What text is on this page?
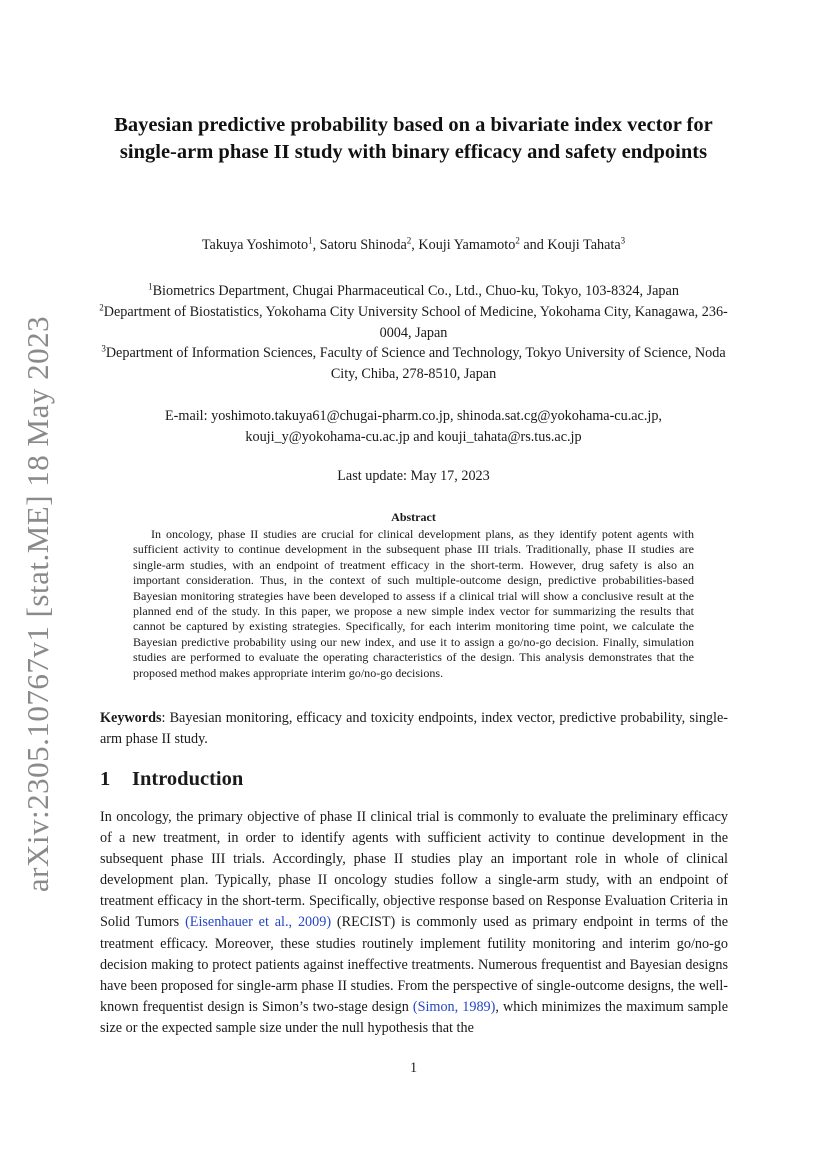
arXiv:2305.10767v1 [stat.ME] 18 May 2023
Bayesian predictive probability based on a bivariate index vector for single-arm phase II study with binary efficacy and safety endpoints
Takuya Yoshimoto$^1$, Satoru Shinoda$^2$, Kouji Yamamoto$^2$ and Kouji Tahata$^3$
$^1$Biometrics Department, Chugai Pharmaceutical Co., Ltd., Chuo-ku, Tokyo, 103-8324, Japan
$^2$Department of Biostatistics, Yokohama City University School of Medicine, Yokohama City, Kanagawa, 236-0004, Japan
$^3$Department of Information Sciences, Faculty of Science and Technology, Tokyo University of Science, Noda City, Chiba, 278-8510, Japan
E-mail: yoshimoto.takuya61@chugai-pharm.co.jp, shinoda.sat.cg@yokohama-cu.ac.jp,
kouji_y@yokohama-cu.ac.jp and kouji_tahata@rs.tus.ac.jp
Last update: May 17, 2023
Abstract

In oncology, phase II studies are crucial for clinical development plans, as they identify potent agents with sufficient activity to continue development in the subsequent phase III trials. Traditionally, phase II studies are single-arm studies, with an endpoint of treatment efficacy in the short-term. However, drug safety is also an important consideration. Thus, in the context of such multiple-outcome design, predictive probabilities-based Bayesian monitoring strategies have been developed to assess if a clinical trial will show a conclusive result at the planned end of the study. In this paper, we propose a new simple index vector for summarizing the results that cannot be captured by existing strategies. Specifically, for each interim monitoring time point, we calculate the Bayesian predictive probability using our new index, and use it to assign a go/no-go decision. Finally, simulation studies are performed to evaluate the operating characteristics of the design. This analysis demonstrates that the proposed method makes appropriate interim go/no-go decisions.

Keywords: Bayesian monitoring, efficacy and toxicity endpoints, index vector, predictive probability, single-arm phase II study.

1 Introduction

In oncology, the primary objective of phase II clinical trial is commonly to evaluate the preliminary efficacy of a new treatment, in order to identify agents with sufficient activity to continue development in the subsequent phase III trials. Accordingly, phase II studies play an important role in whole of clinical development plan. Typically, phase II oncology studies follow a single-arm study, with an endpoint of treatment efficacy in the short-term. Specifically, objective response based on Response Evaluation Criteria in Solid Tumors (Eisenhauer et al., 2009) (RECIST) is commonly used as primary endpoint in terms of the treatment efficacy. Moreover, these studies routinely implement futility monitoring and interim go/no-go decision making to protect patients against ineffective treatments. Numerous frequentist and Bayesian designs have been proposed for single-arm phase II studies. From the perspective of single-outcome designs, the well-known frequentist design is Simon’s two-stage design (Simon, 1989), which minimizes the maximum sample size or the expected sample size under the null hypothesis that the

1
